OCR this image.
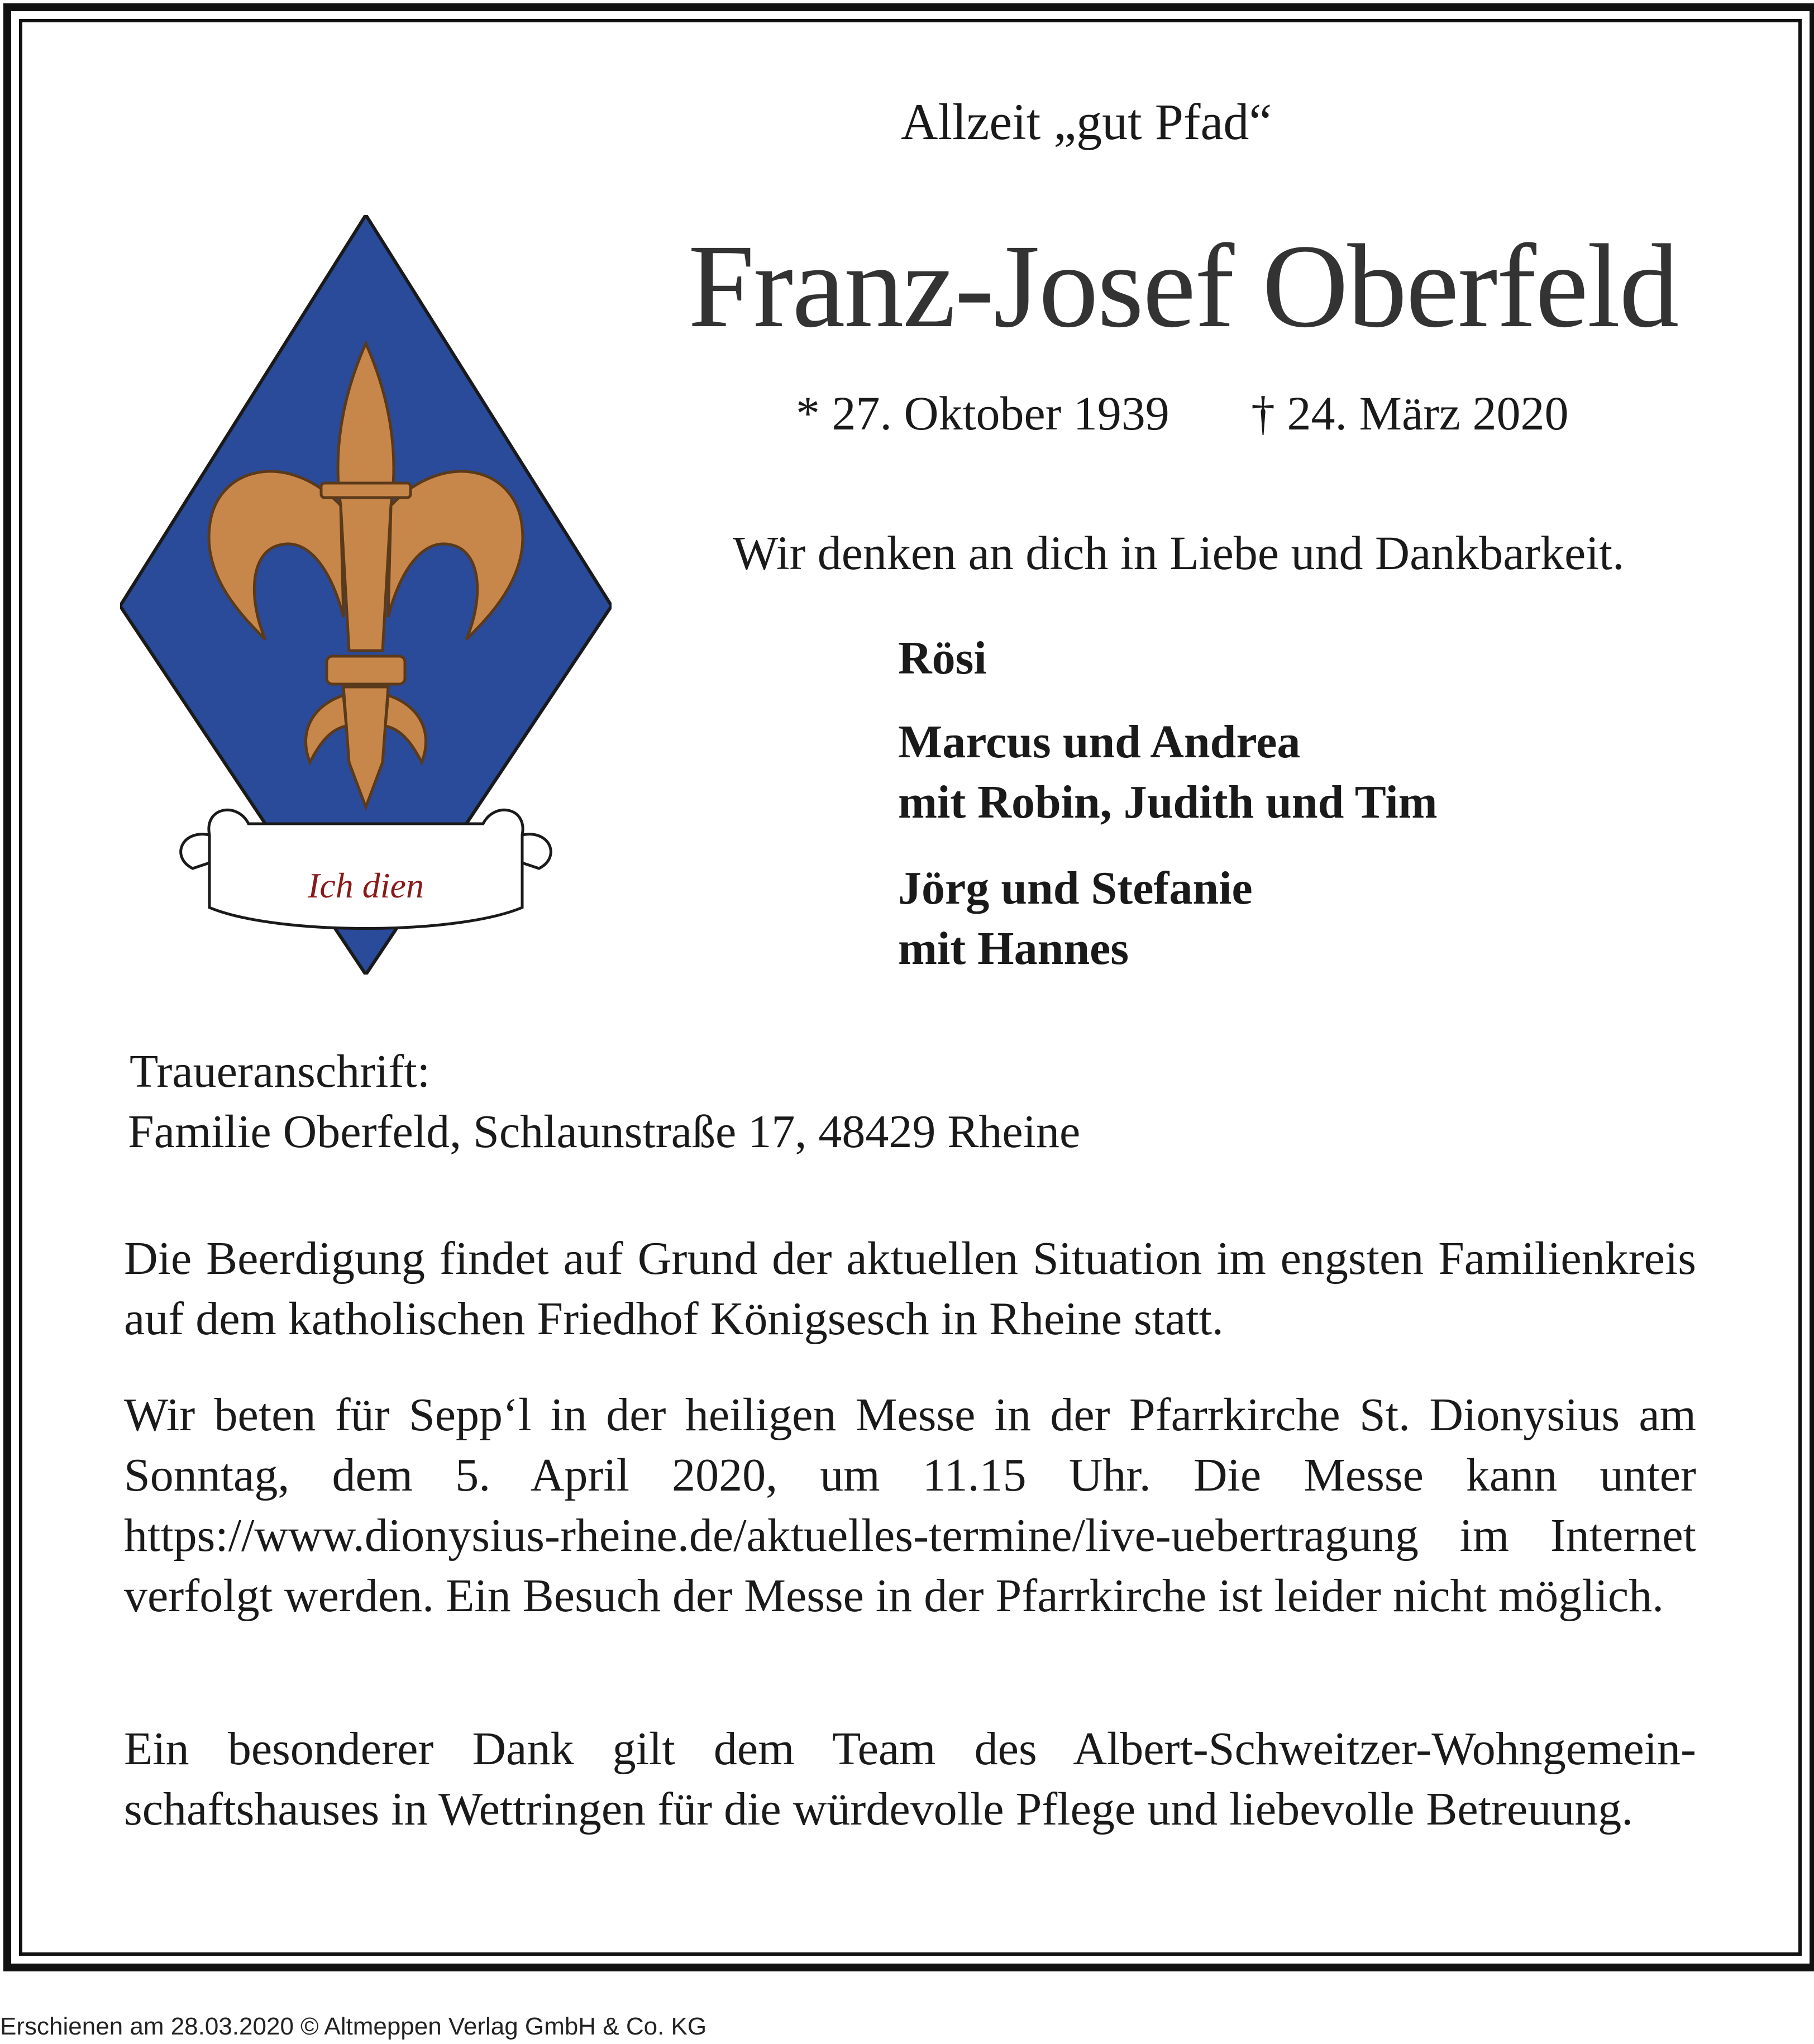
Ich dien
Allzeit „gut Pfad“
Franz-Josef Oberfeld
* 27. Oktober 1939 † 24. März 2020
Wir denken an dich in Liebe und Dankbarkeit.
Rösi
Marcus und Andrea
mit Robin, Judith und Tim
Jörg und Stefanie
mit Hannes
Traueranschrift:
Familie Oberfeld, Schlaunstraße 17, 48429 Rheine
Die Beerdigung findet auf Grund der aktuellen Situation im engsten Familienkreis auf dem katholischen Friedhof Königsesch in Rheine statt.
Wir beten für Sepp‘l in der heiligen Messe in der Pfarrkirche St. Dionysius am Sonntag, dem 5. April 2020, um 11.15 Uhr. Die Messe kann unter https://www.dionysius-rheine.de/aktuelles-termine/live-uebertragung im Internet verfolgt werden. Ein Besuch der Messe in der Pfarrkirche ist leider nicht möglich.
Ein besonderer Dank gilt dem Team des Albert-Schweitzer-Wohngemein-schaftshauses in Wettringen für die würdevolle Pflege und liebevolle Betreuung.
Erschienen am 28.03.2020 © Altmeppen Verlag GmbH & Co. KG
